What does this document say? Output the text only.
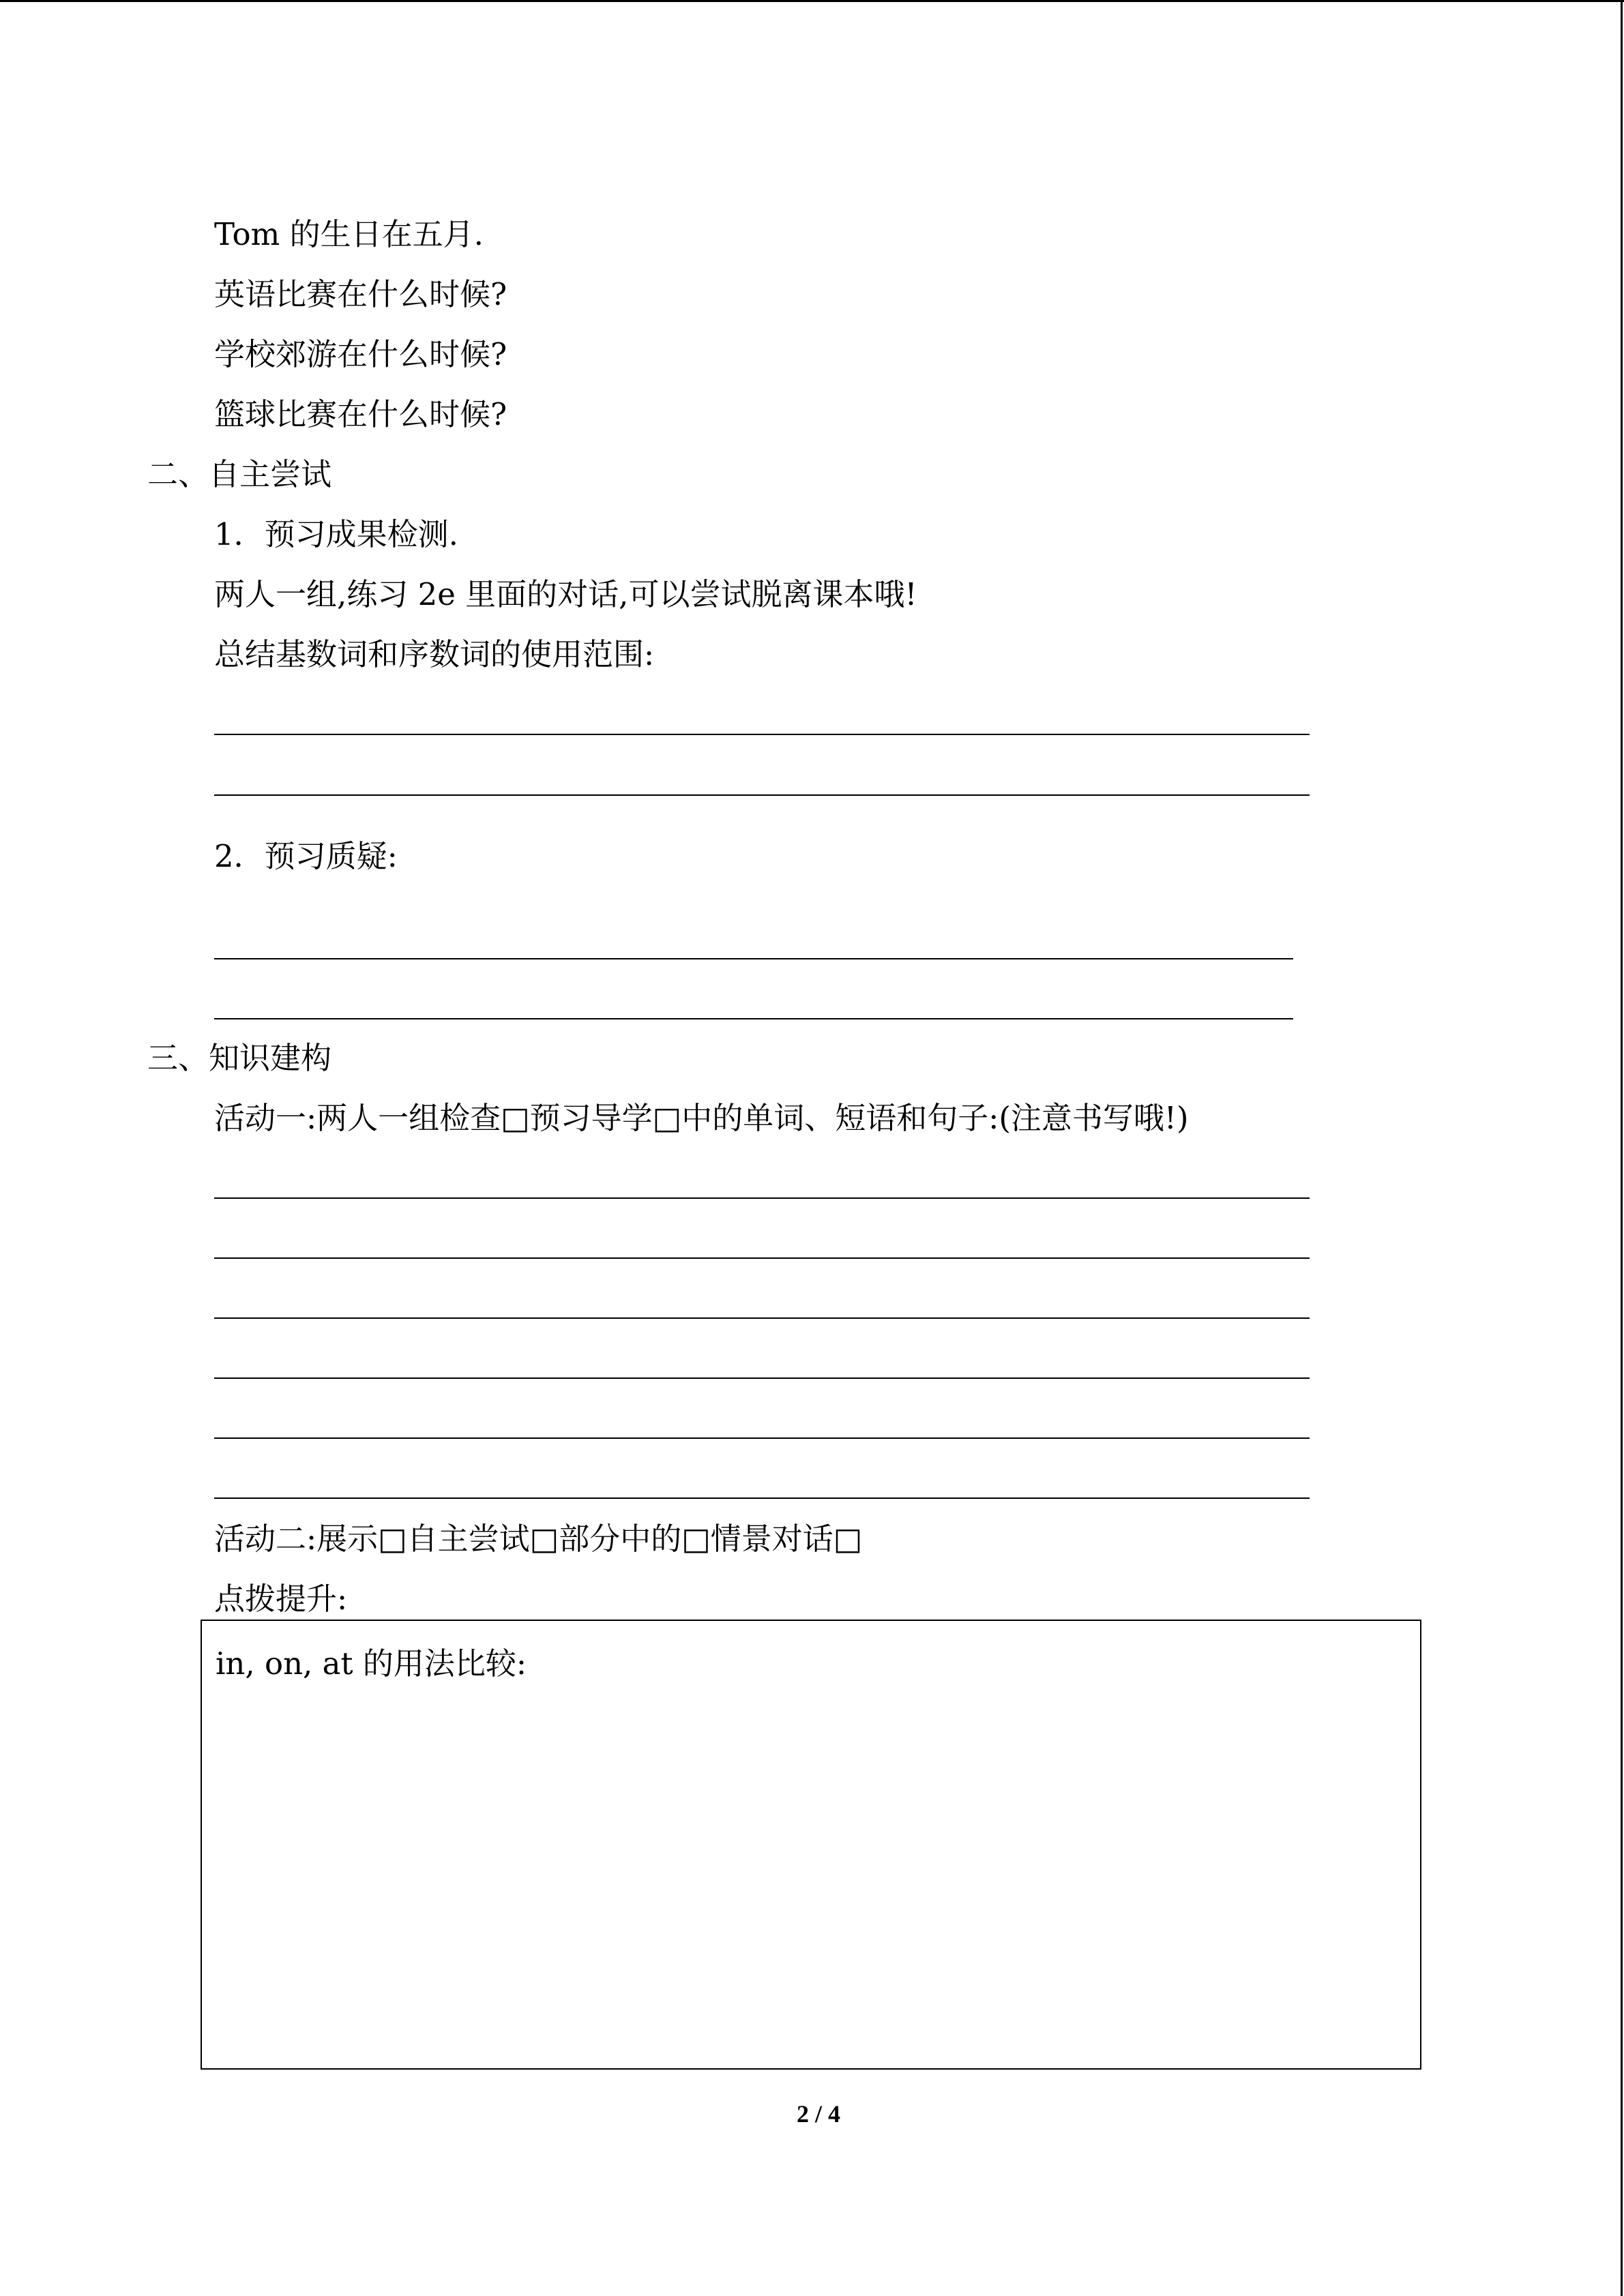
Tom 的生日在五月.
英语比赛在什么时候?
学校郊游在什么时候?
篮球比赛在什么时候?
二、自主尝试
1．预习成果检测.
两人一组,练习 2e 里面的对话,可以尝试脱离课本哦!
总结基数词和序数词的使用范围:
2．预习质疑:
三、知识建构
活动一:两人一组检查□预习导学□中的单词、短语和句子:(注意书写哦!)
活动二:展示□自主尝试□部分中的□情景对话□
点拨提升:
in, on, at 的用法比较:
2 / 4
